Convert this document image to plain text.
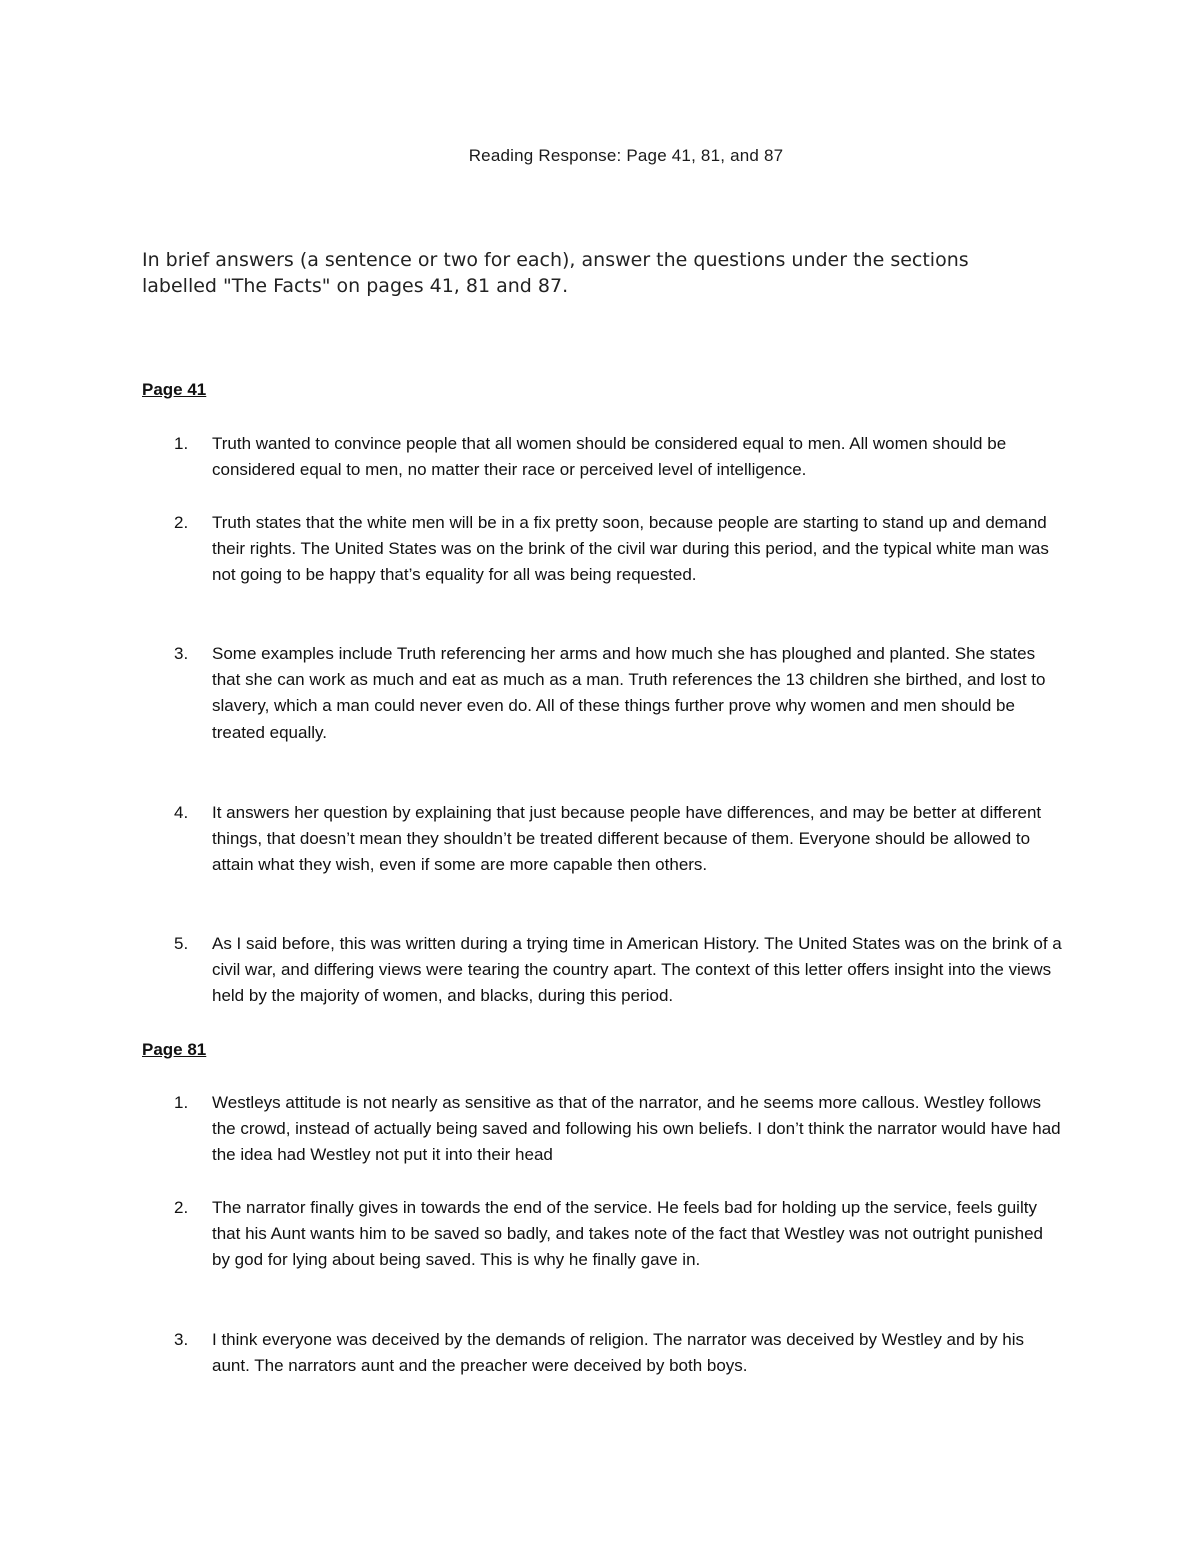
Reading Response: Page 41, 81, and 87

In brief answers (a sentence or two for each), answer the questions under the sections labelled "The Facts" on pages 41, 81 and 87.

Page 41
1.	Truth wanted to convince people that all women should be considered equal to men. All women should be considered equal to men, no matter their race or perceived level of intelligence.
2.	Truth states that the white men will be in a fix pretty soon, because people are starting to stand up and demand their rights. The United States was on the brink of the civil war during this period, and the typical white man was not going to be happy that’s equality for all was being requested.
3.	Some examples include Truth referencing her arms and how much she has ploughed and planted. She states that she can work as much and eat as much as a man. Truth references the 13 children she birthed, and lost to slavery, which a man could never even do. All of these things further prove why women and men should be treated equally.
4.	It answers her question by explaining that just because people have differences, and may be better at different things, that doesn’t mean they shouldn’t be treated different because of them. Everyone should be allowed to attain what they wish, even if some are more capable then others.
5.	As I said before, this was written during a trying time in American History. The United States was on the brink of a civil war, and differing views were tearing the country apart. The context of this letter offers insight into the views held by the majority of women, and blacks, during this period.
Page 81
1.	Westleys attitude is not nearly as sensitive as that of the narrator, and he seems more callous. Westley follows the crowd, instead of actually being saved and following his own beliefs. I don’t think the narrator would have had the idea had Westley not put it into their head
2.	The narrator finally gives in towards the end of the service. He feels bad for holding up the service, feels guilty that his Aunt wants him to be saved so badly, and takes note of the fact that Westley was not outright punished by god for lying about being saved. This is why he finally gave in.
3.	I think everyone was deceived by the demands of religion. The narrator was deceived by Westley and by his aunt. The narrators aunt and the preacher were deceived by both boys.
